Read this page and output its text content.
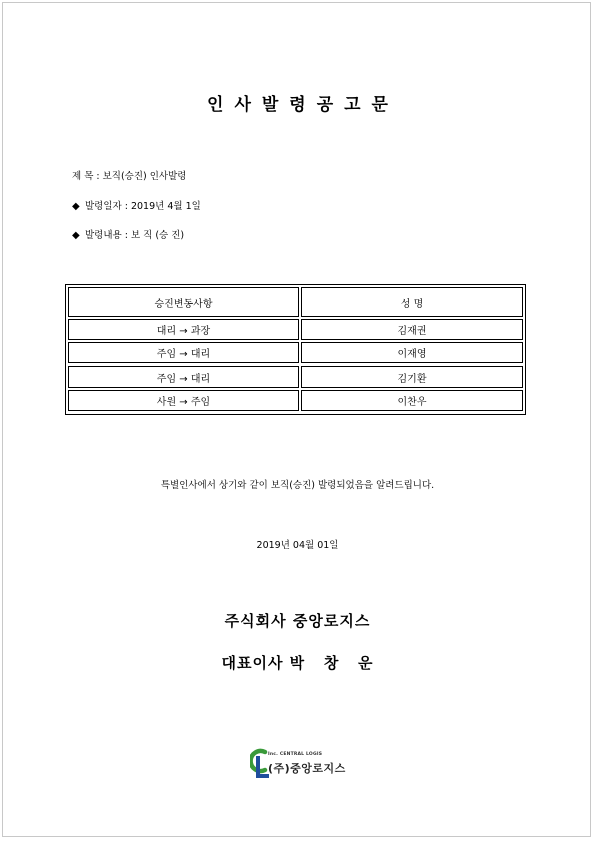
인사발령공고문
제 목 : 보직(승진) 인사발령
◆ 발령일자 : 2019년 4월 1일
◆ 발령내용 : 보 직 (승 진)
승진변동사항	성 명
대리 → 과장	김재권
주임 → 대리	이재영
주임 → 대리	김기환
사원 → 주임	이찬우
특별인사에서 상기와 같이 보직(승진) 발령되었음을 알려드립니다.
2019년 04월 01일
주식회사 중앙로지스
대표이사 박   창   운
Inc. CENTRAL LOGIS
(주)중앙로지스
